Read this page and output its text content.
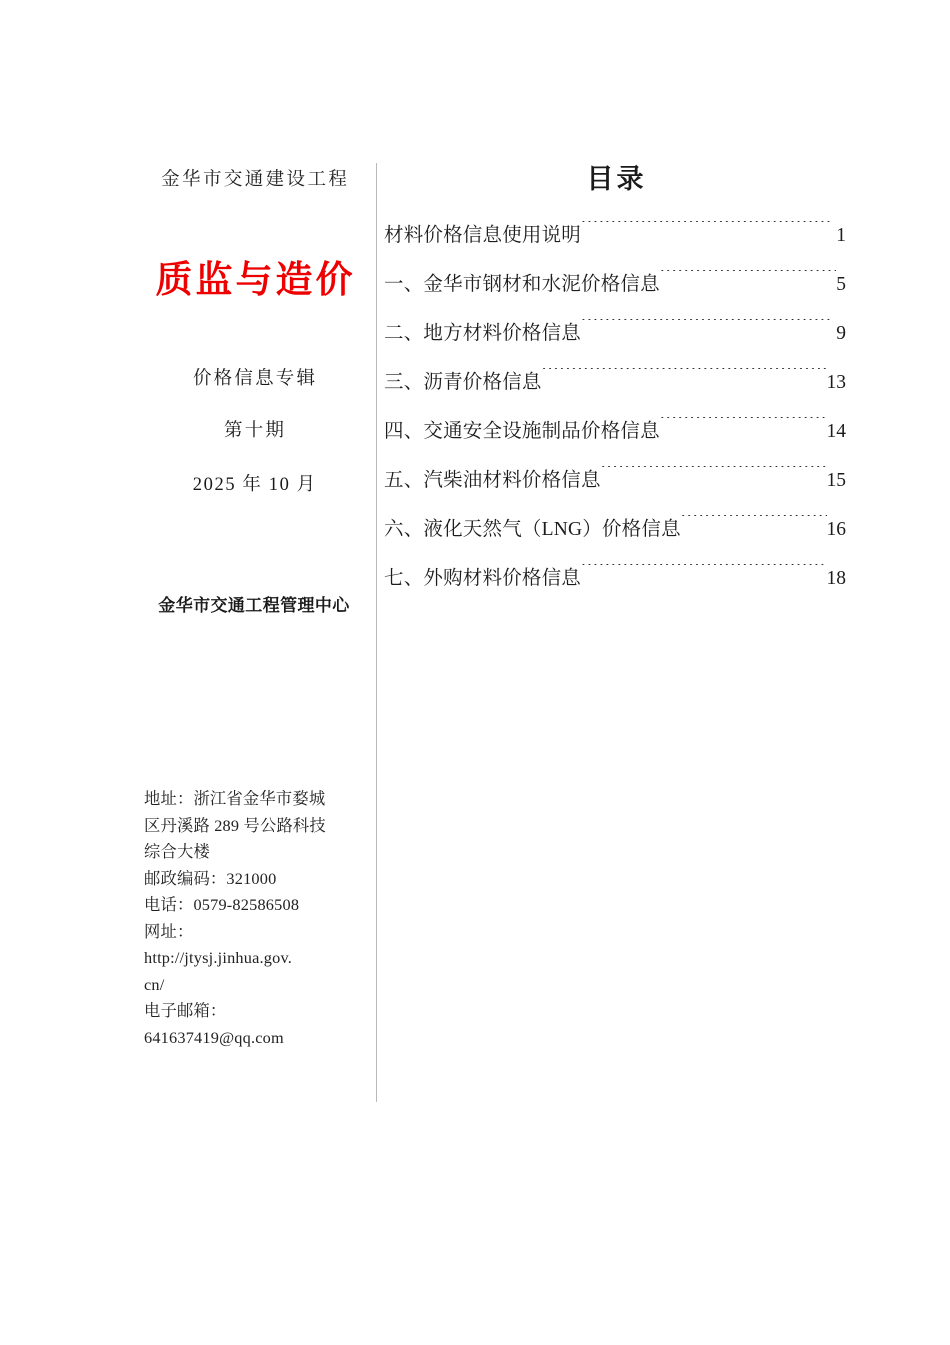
金华市交通建设工程
质监与造价
价格信息专辑
第十期
2025 年 10 月
金华市交通工程管理中心
地址：浙江省金华市婺城
区丹溪路 289 号公路科技
综合大楼
邮政编码：321000
电话：0579-82586508
网址：
http://jtysj.jinhua.gov.
cn/
电子邮箱：
641637419@qq.com
目录
材料价格信息使用说明 .....	1
一、金华市钢材和水泥价格信息 .....	5
二、地方材料价格信息 .....	9
三、沥青价格信息 .....	13
四、交通安全设施制品价格信息 .....	14
五、汽柴油材料价格信息 .....	15
六、液化天然气（LNG）价格信息 .....	16
七、外购材料价格信息 .....	18
